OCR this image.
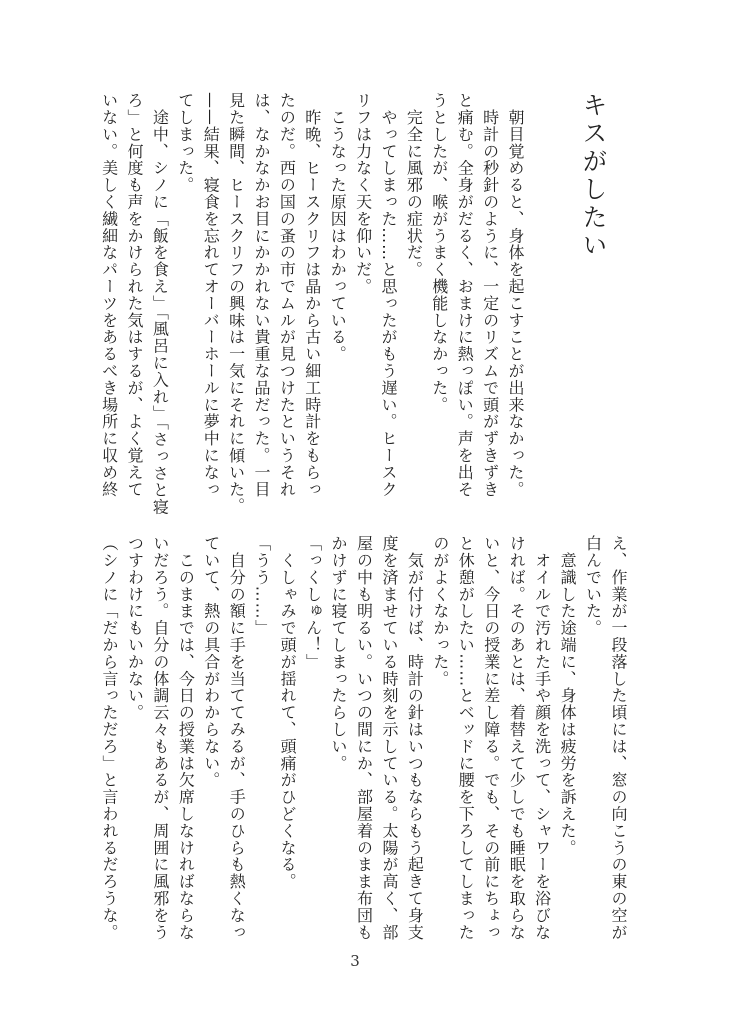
キスがしたい
　朝目覚めると、身体を起こすことが出来なかった。
　時計の秒針のように、一定のリズムで頭がずきずき
と痛む。全身がだるく、おまけに熱っぽい。声を出そ
うとしたが、喉がうまく機能しなかった。
　完全に風邪の症状だ。
　やってしまった……と思ったがもう遅い。ヒースク
リフは力なく天を仰いだ。
　こうなった原因はわかっている。
　昨晩、ヒースクリフは晶から古い細工時計をもらっ
たのだ。西の国の蚤の市でムルが見つけたというそれ
は、なかなかお目にかかれない貴重な品だった。一目
見た瞬間、ヒースクリフの興味は一気にそれに傾いた。
——結果、寝食を忘れてオーバーホールに夢中になっ
てしまった。
　途中、シノに「飯を食え」「風呂に入れ」「さっさと寝
ろ」と何度も声をかけられた気はするが、よく覚えて
いない。美しく繊細なパーツをあるべき場所に収め終
え、作業が一段落した頃には、窓の向こうの東の空が
白んでいた。
　意識した途端に、身体は疲労を訴えた。
　オイルで汚れた手や顔を洗って、シャワーを浴びな
ければ。そのあとは、着替えて少しでも睡眠を取らな
いと、今日の授業に差し障る。でも、その前にちょっ
と休憩がしたい……とベッドに腰を下ろしてしまった
のがよくなかった。
　気が付けば、時計の針はいつもならもう起きて身支
度を済ませている時刻を示している。太陽が高く、部
屋の中も明るい。いつの間にか、部屋着のまま布団も
かけずに寝てしまったらしい。
「っくしゅん！」
　くしゃみで頭が揺れて、頭痛がひどくなる。
「うう……」
　自分の額に手を当ててみるが、手のひらも熱くなっ
ていて、熱の具合がわからない。
　このままでは、今日の授業は欠席しなければならな
いだろう。自分の体調云々もあるが、周囲に風邪をう
つすわけにもいかない。
（シノに「だから言っただろ」と言われるだろうな。
3
